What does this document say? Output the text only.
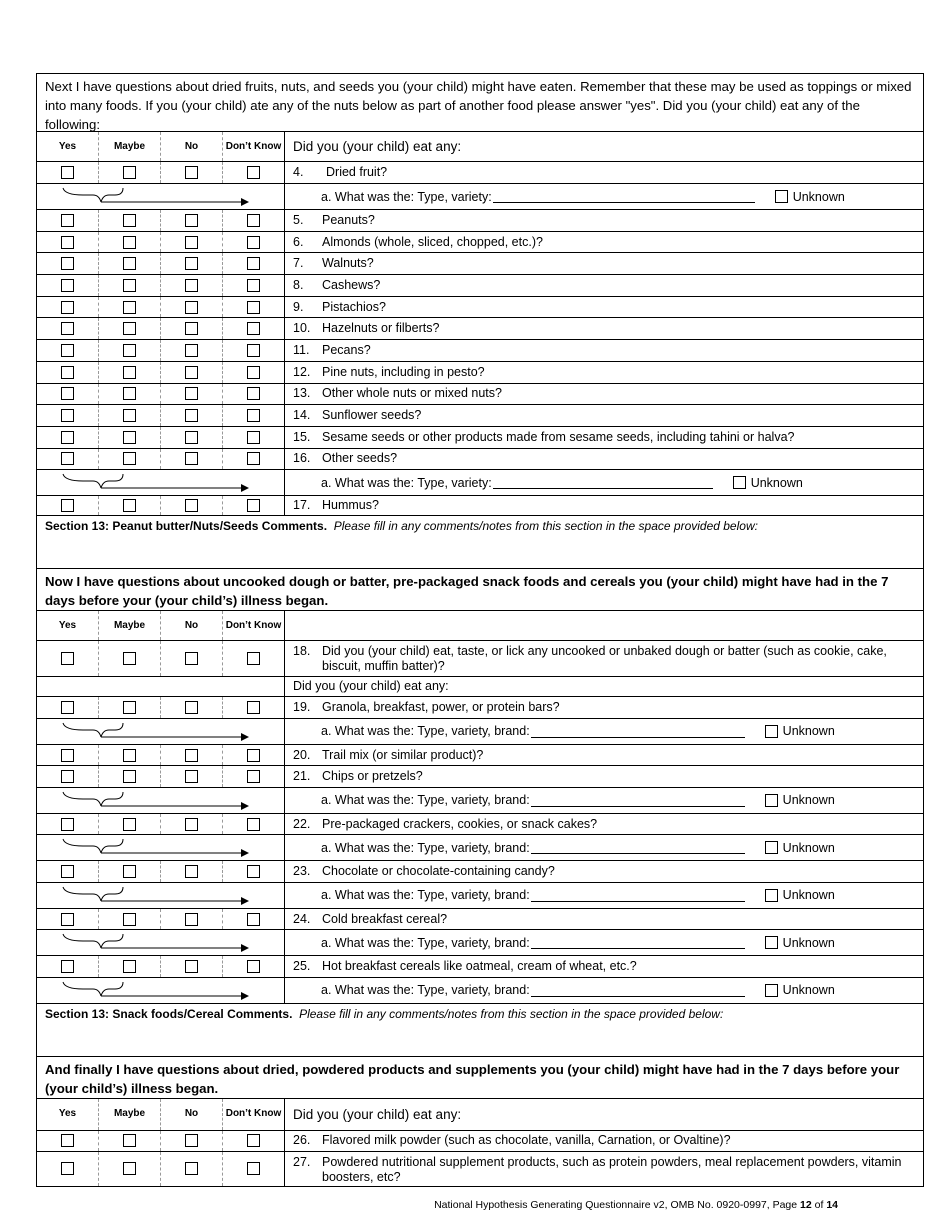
Next I have questions about dried fruits, nuts, and seeds you (your child) might have eaten. Remember that these may be used as toppings or mixed into many foods. If you (your child) ate any of the nuts below as part of another food please answer "yes". Did you (your child) eat any of the following:
Yes	Maybe	No	Don’t Know Did you (your child) eat any:
4.	Dried fruit?
a. What was the: Type, variety:	Unknown
5.	Peanuts?
6.	Almonds (whole, sliced, chopped, etc.)?
7.	Walnuts?
8.	Cashews?
9.	Pistachios?
10. Hazelnuts or filberts?
11.	Pecans?
12. Pine nuts, including in pesto?
13. Other whole nuts or mixed nuts?
14. Sunflower seeds?
15. Sesame seeds or other products made from sesame seeds, including tahini or halva?
16. Other seeds?
a. What was the: Type, variety:	Unknown
17. Hummus?
Section 13: Peanut butter/Nuts/Seeds Comments. Please fill in any comments/notes from this section in the space provided below:
Now I have questions about uncooked dough or batter, pre-packaged snack foods and cereals you (your child) might have had in the 7 days before your (your child’s) illness began.
Yes	Maybe	No	Don’t Know
18. Did you (your child) eat, taste, or lick any uncooked or unbaked dough or batter (such as cookie, cake, biscuit, muffin batter)?
Did you (your child) eat any:
19. Granola, breakfast, power, or protein bars?
a. What was the: Type, variety, brand:	Unknown
20. Trail mix (or similar product)?
21. Chips or pretzels?
a. What was the: Type, variety, brand:	Unknown
22. Pre-packaged crackers, cookies, or snack cakes?
a. What was the: Type, variety, brand:	Unknown
23. Chocolate or chocolate-containing candy?
a. What was the: Type, variety, brand:	Unknown
24. Cold breakfast cereal?
a. What was the: Type, variety, brand:	Unknown
25. Hot breakfast cereals like oatmeal, cream of wheat, etc.?
a. What was the: Type, variety, brand:	Unknown
Section 13: Snack foods/Cereal Comments. Please fill in any comments/notes from this section in the space provided below:
And finally I have questions about dried, powdered products and supplements you (your child) might have had in the 7 days before your (your child’s) illness began.
Yes	Maybe	No	Don’t Know Did you (your child) eat any:
26. Flavored milk powder (such as chocolate, vanilla, Carnation, or Ovaltine)?
27. Powdered nutritional supplement products, such as protein powders, meal replacement powders, vitamin boosters, etc?
National Hypothesis Generating Questionnaire v2, OMB No. 0920-0997, Page 12 of 14
